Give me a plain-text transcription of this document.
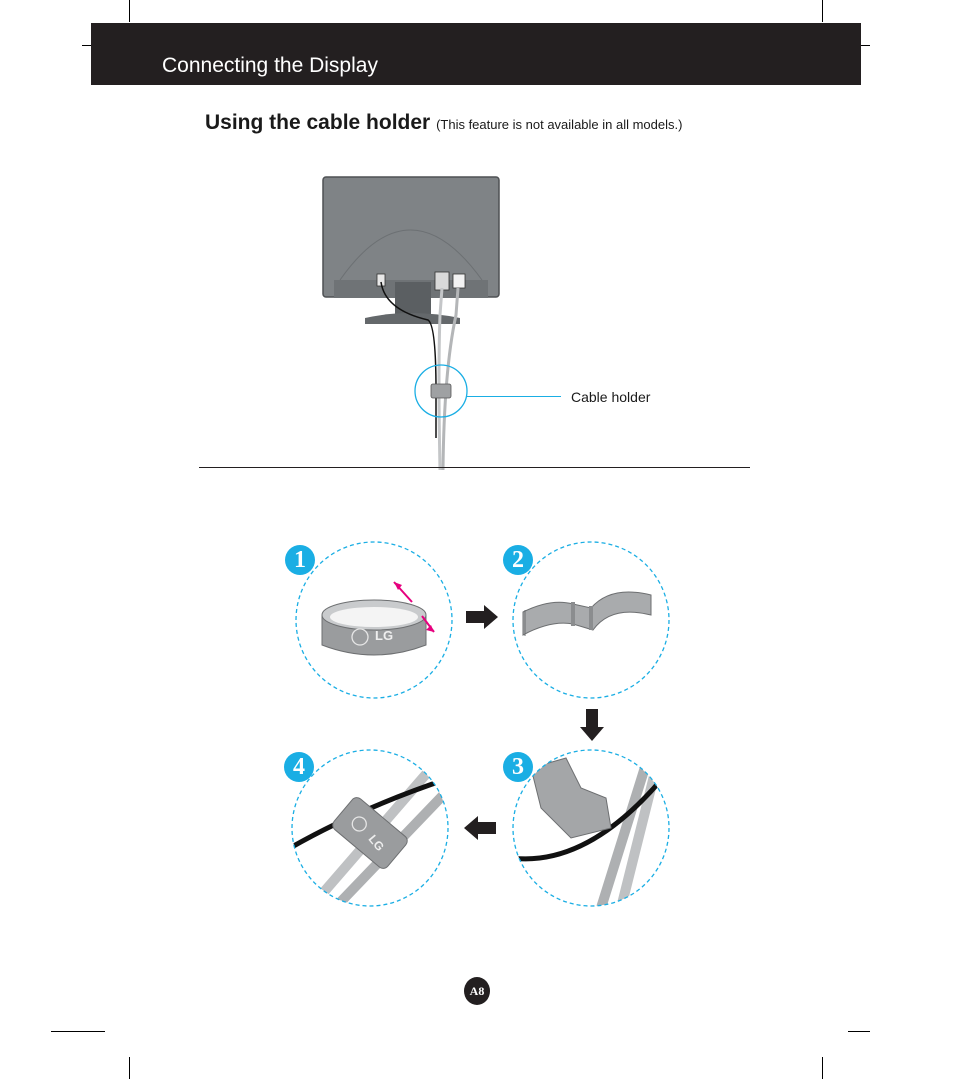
Connecting the Display
Using the cable holder (This feature is not available in all models.)
Cable holder
LG
1	2
3
LG
4
A8
